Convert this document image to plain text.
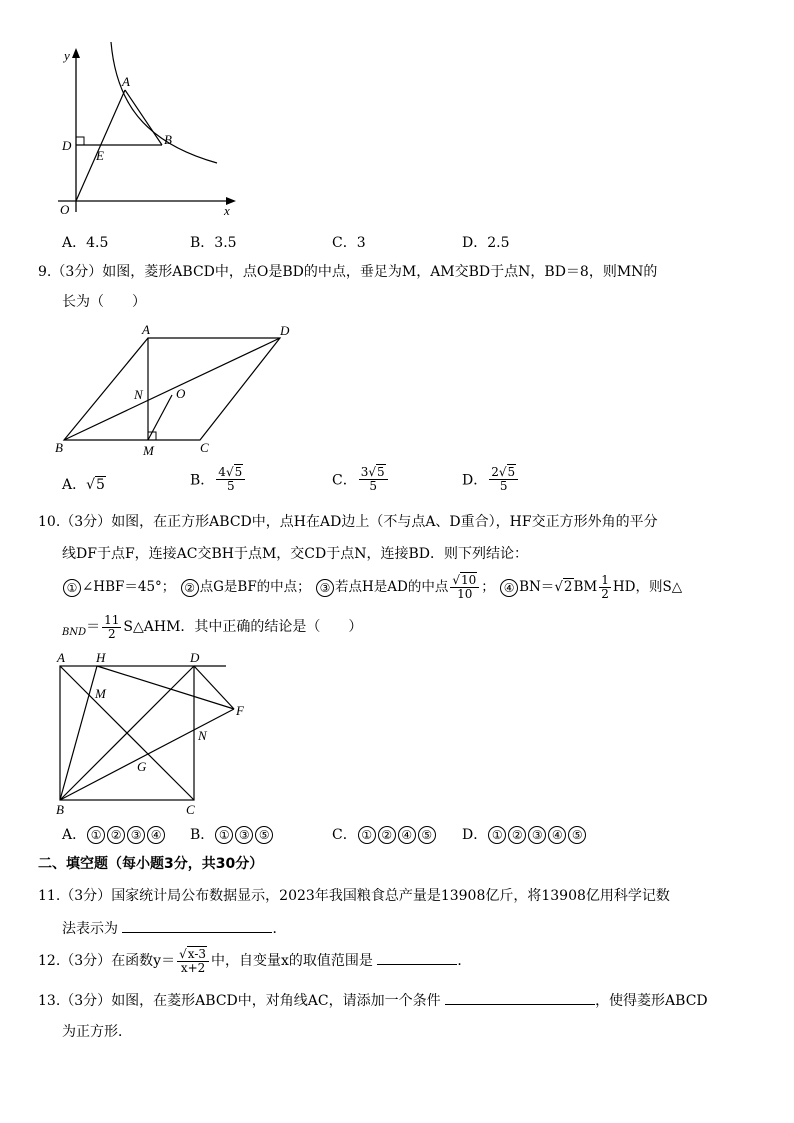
y
x
O
A
B
D
E
A．4.5	B．3.5	C．3	D．2.5
9.（3分）如图，菱形ABCD中，点O是BD的中点，垂足为M，AM交BD于点N，BD＝8，则MN的
长为（　　）
A	D
B	C
M
N	O
A．√5	B． $\frac{4√5}{5}$	C． $\frac{3√5}{5}$	D． $\frac{2√5}{5}$
10.（3分）如图，在正方形ABCD中，点H在AD边上（不与点A、D重合），HF交正方形外角的平分
线DF于点F，连接AC交BH于点M，交CD于点N，连接BD．则下列结论：
① ∠HBF＝45°； ② 点G是BF的中点； ③ 若点H是AD的中点 $\frac{√10}{10}$ ； ④ $BN=√2BM \frac{1}{2}$ HD，则S△
$_{BND}= \frac{11}{2}$ S△AHM．其中正确的结论是（　　）
A H	D
M
F
N
G
B	C
A． ① ② ③ ④	B． ① ③ ⑤	C． ① ② ④ ⑤	D． ① ② ③ ④ ⑤
二、填空题（每小题3分，共30分）
11.（3分）国家统计局公布数据显示，2023年我国粮食总产量是13908亿斤，将13908亿用科学记数
法表示为	．
12.（3分）在函数$y= \frac{√x-3}{x+2}$ 中，自变量x的取值范围是	．
13.（3分）如图，在菱形ABCD中，对角线AC，请添加一个条件	，使得菱形ABCD
为正方形．
